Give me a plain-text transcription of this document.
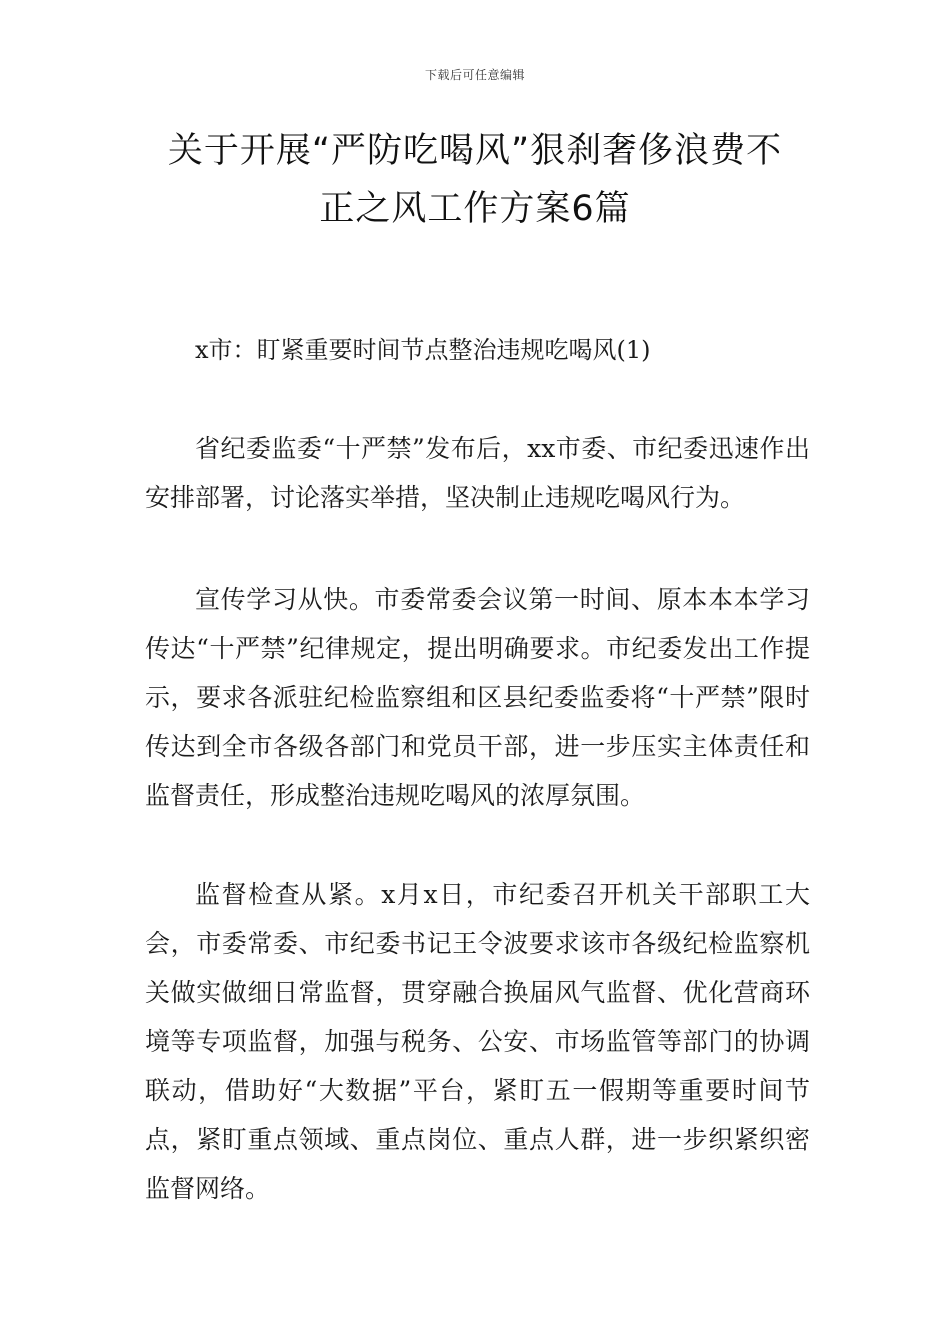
下载后可任意编辑
关于开展“严防吃喝风”狠刹奢侈浪费不
正之风工作方案6篇
x市：盯紧重要时间节点整治违规吃喝风(1)

省纪委监委“十严禁”发布后，xx市委、市纪委迅速作出安排部署，讨论落实举措，坚决制止违规吃喝风行为。

宣传学习从快。市委常委会议第一时间、原本本本学习传达“十严禁”纪律规定，提出明确要求。市纪委发出工作提示，要求各派驻纪检监察组和区县纪委监委将“十严禁”限时传达到全市各级各部门和党员干部，进一步压实主体责任和监督责任，形成整治违规吃喝风的浓厚氛围。

监督检查从紧。x月x日，市纪委召开机关干部职工大会，市委常委、市纪委书记王令波要求该市各级纪检监察机关做实做细日常监督，贯穿融合换届风气监督、优化营商环境等专项监督，加强与税务、公安、市场监管等部门的协调联动，借助好“大数据”平台，紧盯五一假期等重要时间节点，紧盯重点领域、重点岗位、重点人群，进一步织紧织密监督网络。
